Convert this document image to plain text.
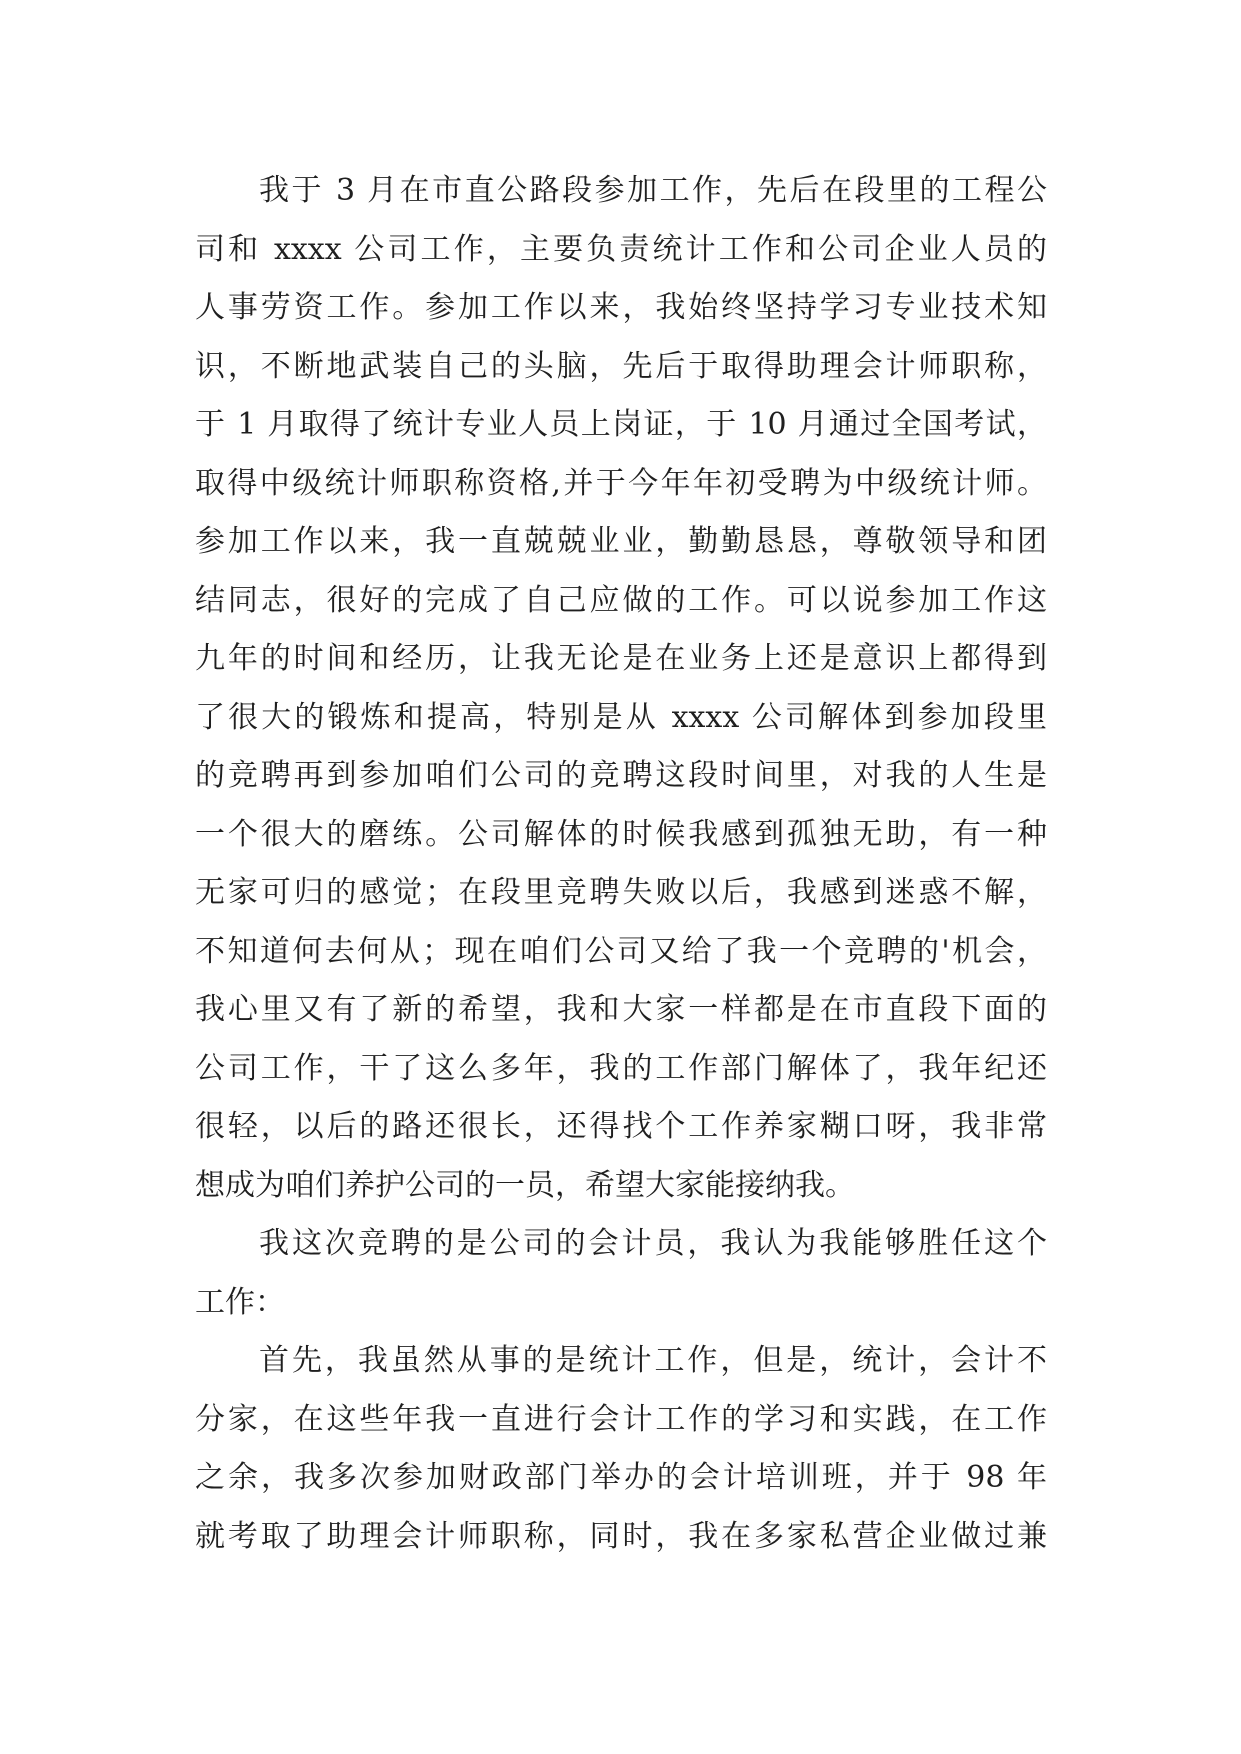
我于 3 月在市直公路段参加工作，先后在段里的工程公
司和 xxxx 公司工作，主要负责统计工作和公司企业人员的
人事劳资工作。参加工作以来，我始终坚持学习专业技术知
识，不断地武装自己的头脑，先后于取得助理会计师职称，
于 1 月取得了统计专业人员上岗证，于 10 月通过全国考试，
取得中级统计师职称资格,并于今年年初受聘为中级统计师。
参加工作以来，我一直兢兢业业，勤勤恳恳，尊敬领导和团
结同志，很好的完成了自己应做的工作。可以说参加工作这
九年的时间和经历，让我无论是在业务上还是意识上都得到
了很大的锻炼和提高，特别是从 xxxx 公司解体到参加段里
的竞聘再到参加咱们公司的竞聘这段时间里，对我的人生是
一个很大的磨练。公司解体的时候我感到孤独无助，有一种
无家可归的感觉；在段里竞聘失败以后，我感到迷惑不解，
不知道何去何从；现在咱们公司又给了我一个竞聘的'机会，
我心里又有了新的希望，我和大家一样都是在市直段下面的
公司工作，干了这么多年，我的工作部门解体了，我年纪还
很轻，以后的路还很长，还得找个工作养家糊口呀，我非常
想成为咱们养护公司的一员，希望大家能接纳我。
我这次竞聘的是公司的会计员，我认为我能够胜任这个
工作：
首先，我虽然从事的是统计工作，但是，统计，会计不
分家，在这些年我一直进行会计工作的学习和实践，在工作
之余，我多次参加财政部门举办的会计培训班，并于 98 年
就考取了助理会计师职称，同时，我在多家私营企业做过兼
